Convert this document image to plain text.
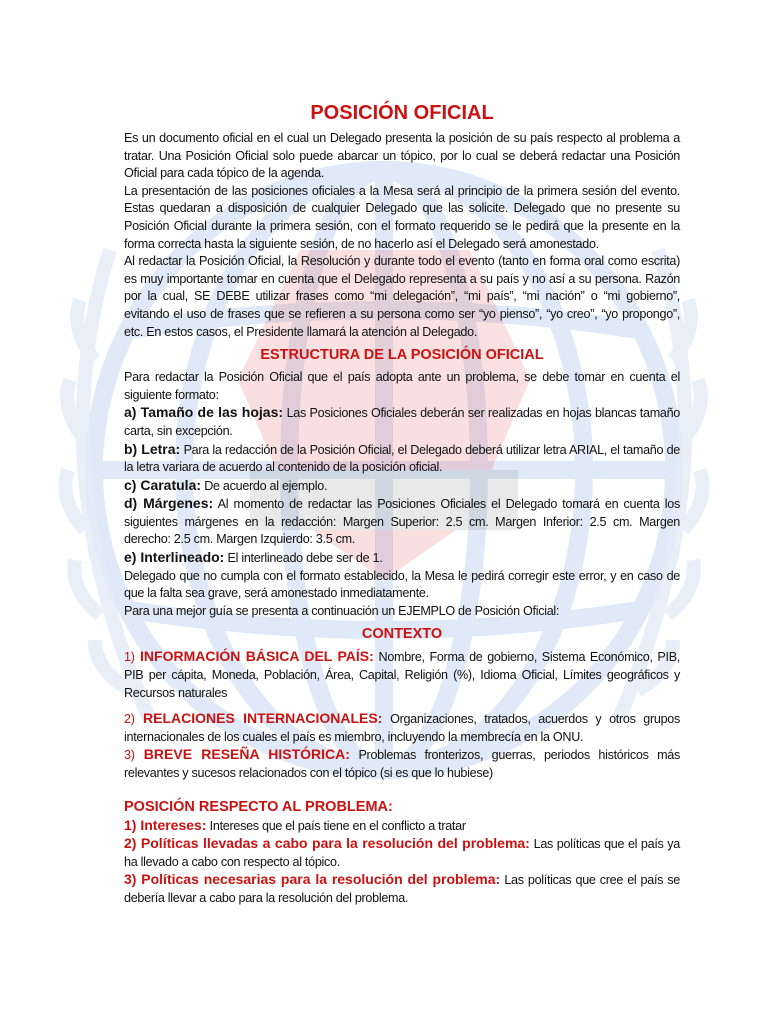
POSICIÓN OFICIAL

Es un documento oficial en el cual un Delegado presenta la posición de su país respecto al problema a tratar. Una Posición Oficial solo puede abarcar un tópico, por lo cual se deberá redactar una Posición Oficial para cada tópico de la agenda.

La presentación de las posiciones oficiales a la Mesa será al principio de la primera sesión del evento. Estas quedaran a disposición de cualquier Delegado que las solicite. Delegado que no presente su Posición Oficial durante la primera sesión, con el formato requerido se le pedirá que la presente en la forma correcta hasta la siguiente sesión, de no hacerlo así el Delegado será amonestado.

Al redactar la Posición Oficial, la Resolución y durante todo el evento (tanto en forma oral como escrita) es muy importante tomar en cuenta que el Delegado representa a su país y no así a su persona. Razón por la cual, SE DEBE utilizar frases como “mi delegación”, “mi país”, “mi nación” o “mi gobierno”, evitando el uso de frases que se refieren a su persona como ser “yo pienso”, “yo creo”, “yo propongo”, etc. En estos casos, el Presidente llamará la atención al Delegado.

ESTRUCTURA DE LA POSICIÓN OFICIAL

Para redactar la Posición Oficial que el país adopta ante un problema, se debe tomar en cuenta el siguiente formato:

a) Tamaño de las hojas: Las Posiciones Oficiales deberán ser realizadas en hojas blancas tamaño carta, sin excepción.

b) Letra: Para la redacción de la Posición Oficial, el Delegado deberá utilizar letra ARIAL, el tamaño de la letra variara de acuerdo al contenido de la posición oficial.

c) Caratula: De acuerdo al ejemplo.

d) Márgenes: Al momento de redactar las Posiciones Oficiales el Delegado tomará en cuenta los siguientes márgenes en la redacción: Margen Superior: 2.5 cm. Margen Inferior: 2.5 cm. Margen derecho: 2.5 cm. Margen Izquierdo: 3.5 cm.

e) Interlineado: El interlineado debe ser de 1.

Delegado que no cumpla con el formato establecido, la Mesa le pedirá corregir este error, y en caso de que la falta sea grave, será amonestado inmediatamente.

Para una mejor guía se presenta a continuación un EJEMPLO de Posición Oficial:

CONTEXTO

1) INFORMACIÓN BÁSICA DEL PAÍS: Nombre, Forma de gobierno, Sistema Económico, PIB, PIB per cápita, Moneda, Población, Área, Capital, Religión (%), Idioma Oficial, Límites geográficos y Recursos naturales

2) RELACIONES INTERNACIONALES: Organizaciones, tratados, acuerdos y otros grupos internacionales de los cuales el país es miembro, incluyendo la membrecía en la ONU.

3) BREVE RESEÑA HISTÓRICA: Problemas fronterizos, guerras, periodos históricos más relevantes y sucesos relacionados con el tópico (si es que lo hubiese)

POSICIÓN RESPECTO AL PROBLEMA:

1) Intereses: Intereses que el país tiene en el conflicto a tratar

2) Políticas llevadas a cabo para la resolución del problema: Las políticas que el país ya ha llevado a cabo con respecto al tópico.

3) Políticas necesarias para la resolución del problema: Las políticas que cree el país se debería llevar a cabo para la resolución del problema.
